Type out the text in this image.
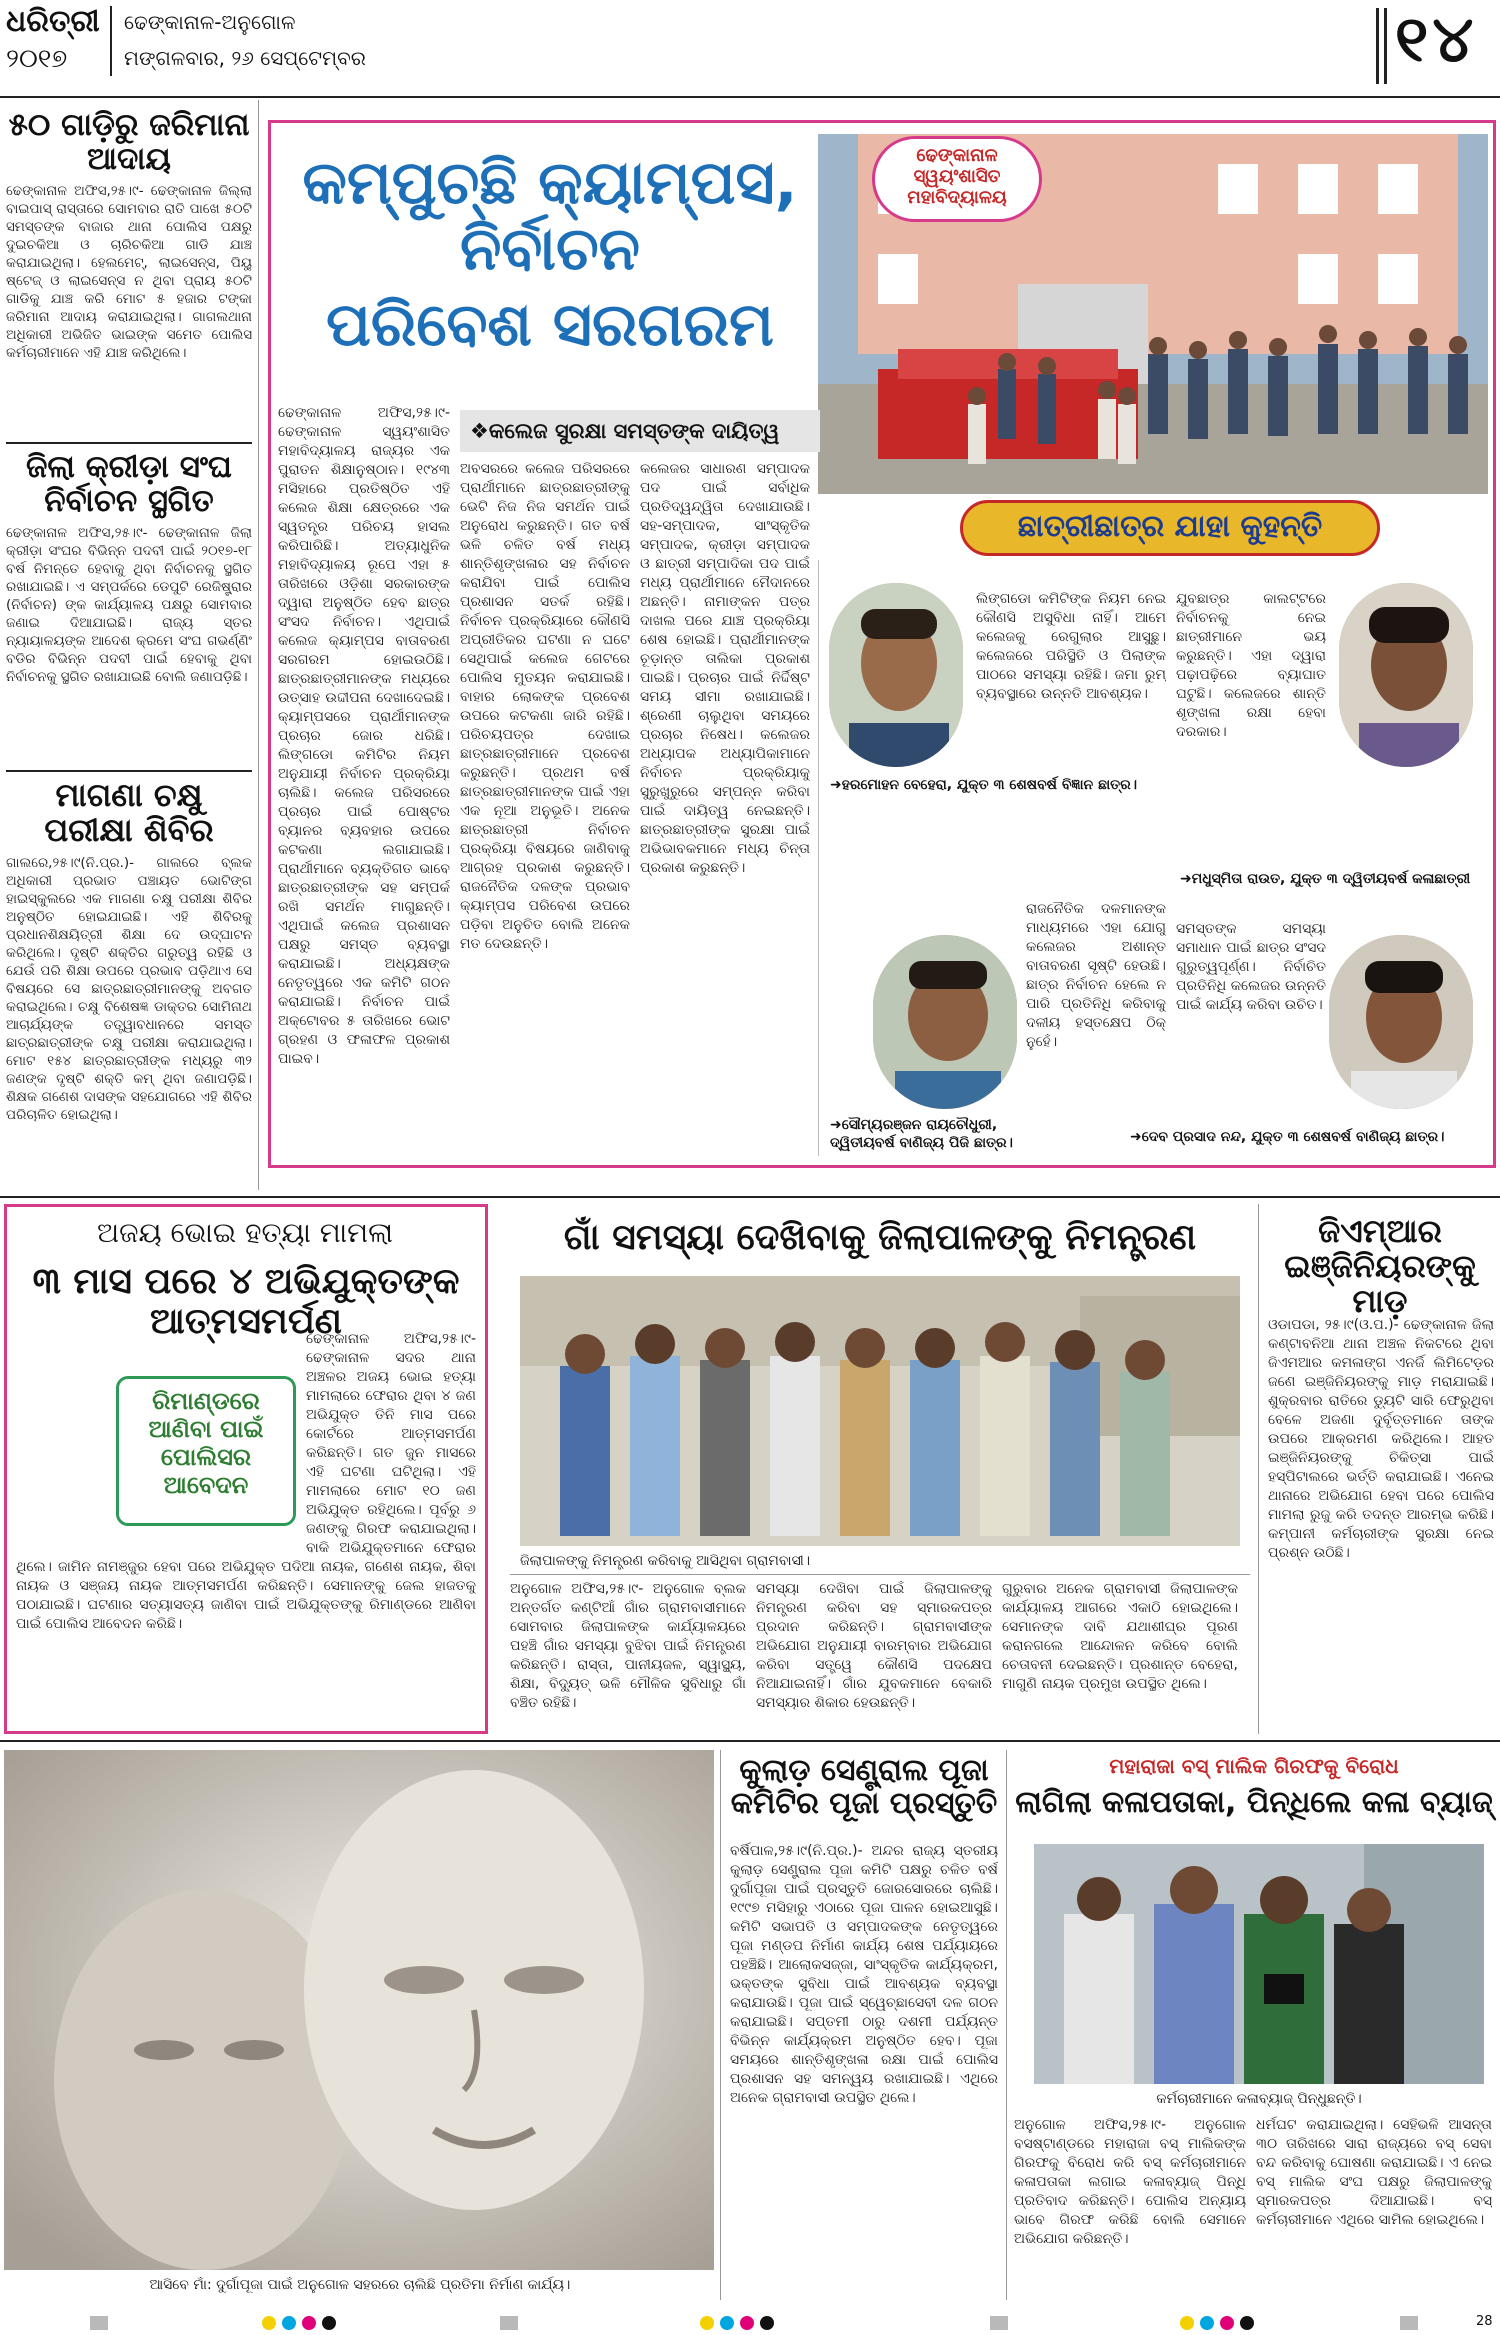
ଧରିତ୍ରୀ
୨୦୧୭
ଢେଙ୍କାନାଳ-ଅନୁଗୋଳ
ମଙ୍ଗଳବାର, ୨୬ ସେପ୍ଟେମ୍ବର	୧୪
୫୦ ଗାଡ଼ିରୁ ଜରିମାନା ଆଦାୟ
ଢେଙ୍କାନାଳ ଅଫିସ,୨୫।୯- ଢେଙ୍କାନାଳ ଜିଲ୍ଲା ବାଇପାସ୍ ରାସ୍ତାରେ ସୋମବାର ରାତି ପାଖେ ୫୦ଟି ସମସ୍ତଙ୍କ ବାଜାର ଥାନା ପୋଲିସ ପକ୍ଷରୁ ଦୁଇଚକିଆ ଓ ଚାରିଚକିଆ ଗାଡି ଯାଞ୍ଚ କରାଯାଇଥିଲା। ହେଲମେଟ୍, ଲାଇସେନ୍ସ, ପିୟୁ ଷ୍ଟେଜ୍ ଓ ଲାଇସେନ୍ସ ନ ଥିବା ପ୍ରାୟ ୫୦ଟି ଗାଡିକୁ ଯାଞ୍ଚ କରି ମୋଟ ୫ ହଜାର ଟଙ୍କା ଜରିମାନା ଆଦାୟ କରାଯାଇଥିଲା। ଗାଗଲଥାନା ଅଧିକାରୀ ଅଭିଜିତ ଭାଇଙ୍କ ସମେତ ପୋଲିସ କର୍ମଚାରୀମାନେ ଏହି ଯାଞ୍ଚ କରିଥିଲେ।
ଜିଲା କ୍ରୀଡ଼ା ସଂଘ ନିର୍ବାଚନ ସ୍ଥଗିତ
ଢେଙ୍କାନାଳ ଅଫିସ,୨୫।୯- ଢେଙ୍କାନାଳ ଜିଲା କ୍ରୀଡ଼ା ସଂଘର ବିଭିନ୍ନ ପଦବୀ ପାଇଁ ୨୦୧୭-୧୮ ବର୍ଷ ନିମନ୍ତେ ହେବାକୁ ଥିବା ନିର୍ବାଚନକୁ ସ୍ଥଗିତ ରଖାଯାଇଛି। ଏ ସମ୍ପର୍କରେ ଡେପୁଟି ରେଜିଷ୍ଟ୍ରାର (ନିର୍ବାଚନ) ଙ୍କ କାର୍ଯ୍ୟାଳୟ ପକ୍ଷରୁ ସୋମବାର ଜଣାଇ ଦିଆଯାଇଛି। ରାଜ୍ୟ ସ୍ତର ନ୍ୟାୟାଳୟଙ୍କ ଆଦେଶ କ୍ରମେ ସଂଘ ଗଭର୍ଣ୍ଣିଂ ବଡିର ବିଭିନ୍ନ ପଦବୀ ପାଇଁ ହେବାକୁ ଥିବା ନିର୍ବାଚନକୁ ସ୍ଥଗିତ ରଖାଯାଇଛି ବୋଲି ଜଣାପଡ଼ିଛି।
ମାଗଣା ଚକ୍ଷୁ ପରୀକ୍ଷା ଶିବିର
ଗାଲରେ,୨୫।୯(ନି.ପ୍ର.)- ଗାଲରେ ବ୍ଲକ ଅଧିକାରୀ ପ୍ରଭାତ ପଞ୍ଚାୟତ ଭୋଟିଙ୍ଗ ହାଇସ୍କୁଲରେ ଏକ ମାଗଣା ଚକ୍ଷୁ ପରୀକ୍ଷା ଶିବିର ଅନୁଷ୍ଠିତ ହୋଇଯାଇଛି। ଏହି ଶିବିରକୁ ପ୍ରଧାନଶିକ୍ଷୟିତ୍ରୀ ଶିକ୍ଷା ଦେ ଉଦ୍‌ଘାଟନ କରିଥିଲେ। ଦୃଷ୍ଟି ଶକ୍ତିର ଗରୁତ୍ୱ ରହିଛି ଓ ଯେଉଁ ପରି ଶିକ୍ଷା ଉପରେ ପ୍ରଭାବ ପଡ଼ିଥାଏ ସେ ବିଷୟରେ ସେ ଛାତ୍ରଛାତ୍ରୀମାନଙ୍କୁ ଅବଗତ କରାଇଥିଲେ। ଚକ୍ଷୁ ବିଶେଷଜ୍ଞ ଡାକ୍ତର ସୋମିନାଥ ଆଚାର୍ଯ୍ୟଙ୍କ ତତ୍ତ୍ୱାବଧାନରେ ସମସ୍ତ ଛାତ୍ରଛାତ୍ରୀଙ୍କ ଚକ୍ଷୁ ପରୀକ୍ଷା କରାଯାଇଥିଲା। ମୋଟ ୧୫୪ ଛାତ୍ରଛାତ୍ରୀଙ୍କ ମଧ୍ୟରୁ ୩୨ ଜଣଙ୍କ ଦୃଷ୍ଟି ଶକ୍ତି କମ୍ ଥିବା ଜଣାପଡ଼ିଛି। ଶିକ୍ଷକ ଗଣେଶ ଦାସଙ୍କ ସହଯୋଗରେ ଏହି ଶିବିର ପରିଚାଳିତ ହୋଇଥିଲା।
କମ୍ପୁଚ୍ଛି କ୍ୟାମ୍ପସ, ନିର୍ବାଚନ
ପରିବେଶ ସରଗରମ
ଢେଙ୍କାନାଳ
ସ୍ୱୟଂଶାସିତ
ମହାବିଦ୍ୟାଳୟ
ଛାତ୍ରୀଛାତ୍ର ଯାହା କୁହନ୍ତି
❖କଲେଜ ସୁରକ୍ଷା ସମସ୍ତଙ୍କ ଦାୟିତ୍ୱ
ଢେଙ୍କାନାଳ ଅଫିସ,୨୫।୯- ଢେଙ୍କାନାଳ ସ୍ୱୟଂଶାସିତ ମହାବିଦ୍ୟାଳୟ ରାଜ୍ୟର ଏକ ପୁରାତନ ଶିକ୍ଷାନୁଷ୍ଠାନ। ୧୯୪୩ ମସିହାରେ ପ୍ରତିଷ୍ଠିତ ଏହି କଲେଜ ଶିକ୍ଷା କ୍ଷେତ୍ରରେ ଏକ ସ୍ୱତନ୍ତ୍ର ପରିଚୟ ହାସଲ କରିପାରିଛି। ଅତ୍ୟାଧୁନିକ ମହାବିଦ୍ୟାଳୟ ରୂପେ ଏହା ୫ ତାରିଖରେ ଓଡ଼ିଶା ସରକାରଙ୍କ ଦ୍ୱାରା ଅନୁଷ୍ଠିତ ହେବ ଛାତ୍ର ସଂସଦ ନିର୍ବାଚନ। ଏଥିପାଇଁ କଲେଜ କ୍ୟାମ୍ପସ ବାତାବରଣ ସରଗରମ ହୋଇଉଠିଛି। ଛାତ୍ରଛାତ୍ରୀମାନଙ୍କ ମଧ୍ୟରେ ଉତ୍ସାହ ଉଦ୍ଦୀପନା ଦେଖାଦେଇଛି। କ୍ୟାମ୍ପସରେ ପ୍ରାର୍ଥୀମାନଙ୍କ ପ୍ରଚାର ଜୋର ଧରିଛି। ଲିଙ୍ଗଡୋ କମିଟିର ନିୟମ ଅନୁଯାୟୀ ନିର୍ବାଚନ ପ୍ରକ୍ରିୟା ଚାଲିଛି। କଲେଜ ପରିସରରେ ପ୍ରଚାର ପାଇଁ ପୋଷ୍ଟର ବ୍ୟାନର ବ୍ୟବହାର ଉପରେ କଟକଣା ଲଗାଯାଇଛି। ପ୍ରାର୍ଥୀମାନେ ବ୍ୟକ୍ତିଗତ ଭାବେ ଛାତ୍ରଛାତ୍ରୀଙ୍କ ସହ ସମ୍ପର୍କ ରଖି ସମର୍ଥନ ମାଗୁଛନ୍ତି। ଏଥିପାଇଁ କଲେଜ ପ୍ରଶାସନ ପକ୍ଷରୁ ସମସ୍ତ ବ୍ୟବସ୍ଥା କରାଯାଇଛି। ଅଧ୍ୟକ୍ଷଙ୍କ ନେତୃତ୍ୱରେ ଏକ କମିଟି ଗଠନ କରାଯାଇଛି। ନିର୍ବାଚନ ପାଇଁ ଅକ୍ଟୋବର ୫ ତାରିଖରେ ଭୋଟ ଗ୍ରହଣ ଓ ଫଳାଫଳ ପ୍ରକାଶ ପାଇବ।
ଅବସରରେ କଲେଜ ପରିସରରେ ପ୍ରାର୍ଥୀମାନେ ଛାତ୍ରଛାତ୍ରୀଙ୍କୁ ଭେଟି ନିଜ ନିଜ ସମର୍ଥନ ପାଇଁ ଅନୁରୋଧ କରୁଛନ୍ତି। ଗତ ବର୍ଷ ଭଳି ଚଳିତ ବର୍ଷ ମଧ୍ୟ ଶାନ୍ତିଶୃଙ୍ଖଳାର ସହ ନିର୍ବାଚନ କରାଯିବା ପାଇଁ ପୋଲିସ ପ୍ରଶାସନ ସତର୍କ ରହିଛି। ନିର୍ବାଚନ ପ୍ରକ୍ରିୟାରେ କୌଣସି ଅପ୍ରୀତିକର ଘଟଣା ନ ଘଟେ ସେଥିପାଇଁ କଲେଜ ଗେଟରେ ପୋଲିସ ମୁତୟନ କରାଯାଇଛି। ବାହାର ଲୋକଙ୍କ ପ୍ରବେଶ ଉପରେ କଟକଣା ଜାରି ରହିଛି। ପରିଚୟପତ୍ର ଦେଖାଇ ଛାତ୍ରଛାତ୍ରୀମାନେ ପ୍ରବେଶ କରୁଛନ୍ତି। ପ୍ରଥମ ବର୍ଷ ଛାତ୍ରଛାତ୍ରୀମାନଙ୍କ ପାଇଁ ଏହା ଏକ ନୂଆ ଅନୁଭୂତି। ଅନେକ ଛାତ୍ରଛାତ୍ରୀ ନିର୍ବାଚନ ପ୍ରକ୍ରିୟା ବିଷୟରେ ଜାଣିବାକୁ ଆଗ୍ରହ ପ୍ରକାଶ କରୁଛନ୍ତି। ରାଜନୈତିକ ଦଳଙ୍କ ପ୍ରଭାବ କ୍ୟାମ୍ପସ ପରିବେଶ ଉପରେ ପଡ଼ିବା ଅନୁଚିତ ବୋଲି ଅନେକ ମତ ଦେଉଛନ୍ତି।
କଲେଜର ସାଧାରଣ ସମ୍ପାଦକ ପଦ ପାଇଁ ସର୍ବାଧିକ ପ୍ରତିଦ୍ୱନ୍ଦ୍ୱିତା ଦେଖାଯାଉଛି। ସହ-ସମ୍ପାଦକ, ସାଂସ୍କୃତିକ ସମ୍ପାଦକ, କ୍ରୀଡ଼ା ସମ୍ପାଦକ ଓ ଛାତ୍ରୀ ସମ୍ପାଦିକା ପଦ ପାଇଁ ମଧ୍ୟ ପ୍ରାର୍ଥୀମାନେ ମୈଦାନରେ ଅଛନ୍ତି। ନାମାଙ୍କନ ପତ୍ର ଦାଖଲ ପରେ ଯାଞ୍ଚ ପ୍ରକ୍ରିୟା ଶେଷ ହୋଇଛି। ପ୍ରାର୍ଥୀମାନଙ୍କ ଚୂଡ଼ାନ୍ତ ତାଲିକା ପ୍ରକାଶ ପାଇଛି। ପ୍ରଚାର ପାଇଁ ନିର୍ଦ୍ଦିଷ୍ଟ ସମୟ ସୀମା ରଖାଯାଇଛି। ଶ୍ରେଣୀ ଚାଲୁଥିବା ସମୟରେ ପ୍ରଚାର ନିଷେଧ। କଲେଜର ଅଧ୍ୟାପକ ଅଧ୍ୟାପିକାମାନେ ନିର୍ବାଚନ ପ୍ରକ୍ରିୟାକୁ ସୁରୁଖୁରୁରେ ସମ୍ପନ୍ନ କରିବା ପାଇଁ ଦାୟିତ୍ୱ ନେଇଛନ୍ତି। ଛାତ୍ରଛାତ୍ରୀଙ୍କ ସୁରକ୍ଷା ପାଇଁ ଅଭିଭାବକମାନେ ମଧ୍ୟ ଚିନ୍ତା ପ୍ରକାଶ କରୁଛନ୍ତି।
ଲିଙ୍ଗଡୋ କମିଟିଙ୍କ ନିୟମ ନେଇ କୌଣସି ଅସୁବିଧା ନାହିଁ। ଆମେ କଲେଜକୁ ରେଗୁଲାର ଆସୁଛୁ। କଲେଜରେ ପରିସ୍ଥିତି ଓ ପିଲାଙ୍କ ପାଠରେ ସମସ୍ୟା ରହିଛି। ଜମା ରୁମ୍ ବ୍ୟବସ୍ଥାରେ ଉନ୍ନତି ଆବଶ୍ୟକ।
➜ହରମୋହନ ବେହେରା, ଯୁକ୍ତ ୩ ଶେଷବର୍ଷ ବିଜ୍ଞାନ ଛାତ୍ର।
ଯୁବଛାତ୍ର କାଲଟ୍ଟରେ ନିର୍ବାଚନକୁ ନେଇ ଛାତ୍ରୀମାନେ ଭୟ କରୁଛନ୍ତି। ଏହା ଦ୍ୱାରା ପଢ଼ାପଢ଼ିରେ ବ୍ୟାଘାତ ଘଟୁଛି। କଲେଜରେ ଶାନ୍ତି ଶୃଙ୍ଖଳା ରକ୍ଷା ହେବା ଦରକାର।
➜ମଧୁସ୍ମିତା ରାଉତ, ଯୁକ୍ତ ୩ ଦ୍ୱିତୀୟବର୍ଷ କଳାଛାତ୍ରୀ
ରାଜନୈତିକ ଦଳମାନଙ୍କ ମାଧ୍ୟମରେ ଏହା ଯୋଗୁ କଲେଜର ଅଶାନ୍ତ ବାତାବରଣ ସୃଷ୍ଟି ହେଉଛି। ଛାତ୍ର ନିର୍ବାଚନ ହେଲେ ନ ପାରି ପ୍ରତିନିଧି କରିବାକୁ ଦଳୀୟ ହସ୍ତକ୍ଷେପ ଠିକ୍ ନୁହେଁ।
➜ସୌମ୍ୟରଞ୍ଜନ ରାୟଚୌଧୁରୀ, ଦ୍ୱିତୀୟବର୍ଷ ବାଣିଜ୍ୟ ପିଜି ଛାତ୍ର।
ସମସ୍ତଙ୍କ ସମସ୍ୟା ସମାଧାନ ପାଇଁ ଛାତ୍ର ସଂସଦ ଗୁରୁତ୍ୱପୂର୍ଣ୍ଣ। ନିର୍ବାଚିତ ପ୍ରତିନିଧି କଲେଜର ଉନ୍ନତି ପାଇଁ କାର୍ଯ୍ୟ କରିବା ଉଚିତ।
➜ଦେବ ପ୍ରସାଦ ନନ୍ଦ, ଯୁକ୍ତ ୩ ଶେଷବର୍ଷ ବାଣିଜ୍ୟ ଛାତ୍ର।
ଅଜୟ ଭୋଇ ହତ୍ୟା ମାମଲା
୩ ମାସ ପରେ ୪ ଅଭିଯୁକ୍ତଙ୍କ ଆତ୍ମସମର୍ପଣ
ରିମାଣ୍ଡରେ
ଆଣିବା ପାଇଁ
ପୋଲିସର
ଆବେଦନ
ଢେଙ୍କାନାଳ ଅଫିସ,୨୫।୯- ଢେଙ୍କାନାଳ ସଦର ଥାନା ଅଞ୍ଚଳର ଅଜୟ ଭୋଇ ହତ୍ୟା ମାମଲାରେ ଫେରାର ଥିବା ୪ ଜଣ ଅଭିଯୁକ୍ତ ତିନି ମାସ ପରେ କୋର୍ଟରେ ଆତ୍ମସମର୍ପଣ କରିଛନ୍ତି। ଗତ ଜୁନ ମାସରେ ଏହି ଘଟଣା ଘଟିଥିଲା। ଏହି ମାମଲାରେ ମୋଟ ୧୦ ଜଣ ଅଭିଯୁକ୍ତ ରହିଥିଲେ। ପୂର୍ବରୁ ୬ ଜଣଙ୍କୁ ଗିରଫ କରାଯାଇଥିଲା। ବାକି ଅଭିଯୁକ୍ତମାନେ ଫେରାର ଥିଲେ। ଜାମିନ ନାମଞ୍ଜୁର ହେବା ପରେ ଅଭିଯୁକ୍ତ ପଦିଆ ନାୟକ, ଗଣେଶ ନାୟକ, ଶିବା ନାୟକ ଓ ସଞ୍ଜୟ ନାୟକ ଆତ୍ମସମର୍ପଣ କରିଛନ୍ତି। ସେମାନଙ୍କୁ ଜେଲ ହାଜତକୁ ପଠାଯାଇଛି। ଘଟଣାର ସତ୍ୟାସତ୍ୟ ଜାଣିବା ପାଇଁ ଅଭିଯୁକ୍ତଙ୍କୁ ରିମାଣ୍ଡରେ ଆଣିବା ପାଇଁ ପୋଲିସ ଆବେଦନ କରିଛି।
ଗାଁ ସମସ୍ୟା ଦେଖିବାକୁ ଜିଲାପାଳଙ୍କୁ ନିମନ୍ତ୍ରଣ
ଜିଲାପାଳଙ୍କୁ ନିମନ୍ତ୍ରଣ କରିବାକୁ ଆସିଥିବା ଗ୍ରାମବାସୀ।
ଅନୁଗୋଳ ଅଫିସ,୨୫।୯- ଅନୁଗୋଳ ବ୍ଲକ ଅନ୍ତର୍ଗତ କଣ୍ଟିଆଁ ଗାଁର ଗ୍ରାମବାସୀମାନେ ସୋମବାର ଜିଲାପାଳଙ୍କ କାର୍ଯ୍ୟାଳୟରେ ପହଞ୍ଚି ଗାଁର ସମସ୍ୟା ବୁଝିବା ପାଇଁ ନିମନ୍ତ୍ରଣ କରିଛନ୍ତି। ରାସ୍ତା, ପାନୀୟଜଳ, ସ୍ୱାସ୍ଥ୍ୟ, ଶିକ୍ଷା, ବିଦ୍ୟୁତ୍ ଭଳି ମୌଳିକ ସୁବିଧାରୁ ଗାଁ ବଞ୍ଚିତ ରହିଛି।
ସମସ୍ୟା ଦେଖିବା ପାଇଁ ଜିଲାପାଳଙ୍କୁ ନିମନ୍ତ୍ରଣ କରିବା ସହ ସ୍ମାରକପତ୍ର ପ୍ରଦାନ କରିଛନ୍ତି। ଗ୍ରାମବାସୀଙ୍କ ଅଭିଯୋଗ ଅନୁଯାୟୀ ବାରମ୍ବାର ଅଭିଯୋଗ କରିବା ସତ୍ତ୍ୱେ କୌଣସି ପଦକ୍ଷେପ ନିଆଯାଇନାହିଁ। ଗାଁର ଯୁବକମାନେ ବେକାରି ସମସ୍ୟାର ଶିକାର ହେଉଛନ୍ତି।
ଗୁରୁବାର ଅନେକ ଗ୍ରାମବାସୀ ଜିଲାପାଳଙ୍କ କାର୍ଯ୍ୟାଳୟ ଆଗରେ ଏକାଠି ହୋଇଥିଲେ। ସେମାନଙ୍କ ଦାବି ଯଥାଶୀଘ୍ର ପୂରଣ କରାନଗଲେ ଆନ୍ଦୋଳନ କରିବେ ବୋଲି ଚେତାବନୀ ଦେଇଛନ୍ତି। ପ୍ରଶାନ୍ତ ବେହେରା, ମାଗୁଣି ନାୟକ ପ୍ରମୁଖ ଉପସ୍ଥିତ ଥିଲେ।
ଜିଏମ୍‌ଆର ଇଞ୍ଜିନିୟରଙ୍କୁ ମାଡ଼
ଓଡାପଡା, ୨୫।୯(ଓ.ପ.)- ଢେଙ୍କାନାଳ ଜିଲା କଣ୍ଟାବନିଆ ଥାନା ଅଞ୍ଚଳ ନିକଟରେ ଥିବା ଜିଏମଆର କମଳାଙ୍ଗ ଏନର୍ଜି ଲିମିଟେଡ଼ର ଜଣେ ଇଞ୍ଜିନିୟରଙ୍କୁ ମାଡ଼ ମରାଯାଇଛି। ଶୁକ୍ରବାର ରାତିରେ ଡ୍ୟୁଟି ସାରି ଫେରୁଥିବା ବେଳେ ଅଜଣା ଦୁର୍ବୃତ୍ତମାନେ ତାଙ୍କ ଉପରେ ଆକ୍ରମଣ କରିଥିଲେ। ଆହତ ଇଞ୍ଜିନିୟରଙ୍କୁ ଚିକିତ୍ସା ପାଇଁ ହସ୍ପିଟାଲରେ ଭର୍ତ୍ତି କରାଯାଇଛି। ଏନେଇ ଥାନାରେ ଅଭିଯୋଗ ହେବା ପରେ ପୋଲିସ ମାମଲା ରୁଜୁ କରି ତଦନ୍ତ ଆରମ୍ଭ କରିଛି। କମ୍ପାନୀ କର୍ମଚାରୀଙ୍କ ସୁରକ୍ଷା ନେଇ ପ୍ରଶ୍ନ ଉଠିଛି।
ଆସିବେ ମାଁ: ଦୁର୍ଗାପୂଜା ପାଇଁ ଅନୁଗୋଳ ସହରରେ ଚାଲିଛି ପ୍ରତିମା ନିର୍ମାଣ କାର୍ଯ୍ୟ।
କୁଲାଡ଼ ସେଣ୍ଟ୍ରାଲ ପୂଜା
କମିଟିର ପୂଜା ପ୍ରସ୍ତୁତି
ବର୍ଷିପାଳ,୨୫।୯(ନି.ପ୍ର.)- ଅନ୍ଦର ରାଜ୍ୟ ସ୍ତରୀୟ କୁଲାଡ଼ ସେଣ୍ଟ୍ରାଲ ପୂଜା କମିଟି ପକ୍ଷରୁ ଚଳିତ ବର୍ଷ ଦୁର୍ଗାପୂଜା ପାଇଁ ପ୍ରସ୍ତୁତି ଜୋରସୋରରେ ଚାଲିଛି। ୧୯୯୭ ମସିହାରୁ ଏଠାରେ ପୂଜା ପାଳନ ହୋଇଆସୁଛି। କମିଟି ସଭାପତି ଓ ସମ୍ପାଦକଙ୍କ ନେତୃତ୍ୱରେ ପୂଜା ମଣ୍ଡପ ନିର୍ମାଣ କାର୍ଯ୍ୟ ଶେଷ ପର୍ଯ୍ୟାୟରେ ପହଞ୍ଚିଛି। ଆଲୋକସଜ୍ଜା, ସାଂସ୍କୃତିକ କାର୍ଯ୍ୟକ୍ରମ, ଭକ୍ତଙ୍କ ସୁବିଧା ପାଇଁ ଆବଶ୍ୟକ ବ୍ୟବସ୍ଥା କରାଯାଉଛି। ପୂଜା ପାଇଁ ସ୍ୱେଚ୍ଛାସେବୀ ଦଳ ଗଠନ କରାଯାଇଛି। ସପ୍ତମୀ ଠାରୁ ଦଶମୀ ପର୍ଯ୍ୟନ୍ତ ବିଭିନ୍ନ କାର୍ଯ୍ୟକ୍ରମ ଅନୁଷ୍ଠିତ ହେବ। ପୂଜା ସମୟରେ ଶାନ୍ତିଶୃଙ୍ଖଳା ରକ୍ଷା ପାଇଁ ପୋଲିସ ପ୍ରଶାସନ ସହ ସମନ୍ୱୟ ରଖାଯାଇଛି। ଏଥିରେ ଅନେକ ଗ୍ରାମବାସୀ ଉପସ୍ଥିତ ଥିଲେ।
ମହାରାଜା ବସ୍ ମାଲିକ ଗିରଫକୁ ବିରୋଧ
ଲାଗିଲା କଳାପତାକା, ପିନ୍ଧିଲେ କଳା ବ୍ୟାଜ୍
କର୍ମଚାରୀମାନେ କଳାବ୍ୟାଜ୍ ପିନ୍ଧୁଛନ୍ତି।
ଅନୁଗୋଳ ଅଫିସ,୨୫।୯- ଅନୁଗୋଳ ବସଷ୍ଟାଣ୍ଡରେ ମହାରାଜା ବସ୍ ମାଲିକଙ୍କ ଗିରଫକୁ ବିରୋଧ କରି ବସ୍ କର୍ମଚାରୀମାନେ କଳାପତାକା ଲଗାଇ କଳାବ୍ୟାଜ୍ ପିନ୍ଧି ପ୍ରତିବାଦ କରିଛନ୍ତି। ପୋଲିସ ଅନ୍ୟାୟ ଭାବେ ଗିରଫ କରିଛି ବୋଲି ସେମାନେ ଅଭିଯୋଗ କରିଛନ୍ତି।
ଧର୍ମଘଟ କରାଯାଇଥିଲା। ସେହିଭଳି ଆସନ୍ତା ୩୦ ତାରିଖରେ ସାରା ରାଜ୍ୟରେ ବସ୍ ସେବା ବନ୍ଦ କରିବାକୁ ଘୋଷଣା କରାଯାଇଛି। ଏ ନେଇ ବସ୍ ମାଲିକ ସଂଘ ପକ୍ଷରୁ ଜିଲାପାଳଙ୍କୁ ସ୍ମାରକପତ୍ର ଦିଆଯାଇଛି। ବସ୍ କର୍ମଚାରୀମାନେ ଏଥିରେ ସାମିଲ ହୋଇଥିଲେ।
28
